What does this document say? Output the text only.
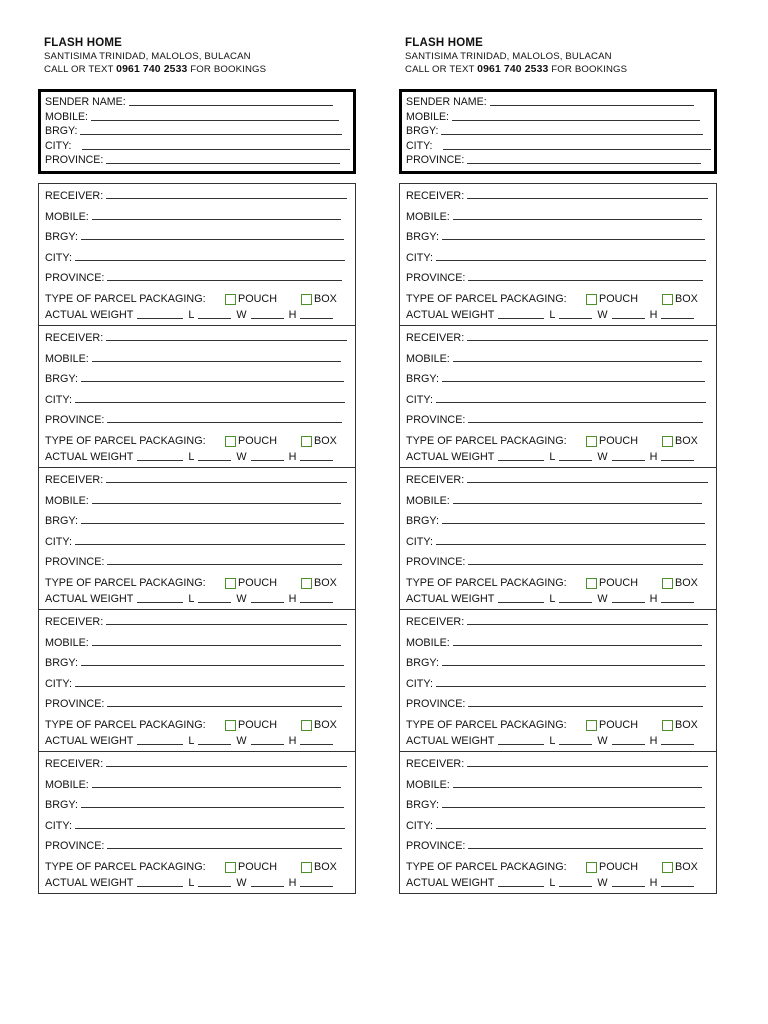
FLASH HOME
SANTISIMA TRINIDAD, MALOLOS, BULACAN
CALL OR TEXT 0961 740 2533 FOR BOOKINGS
SENDER NAME:
MOBILE:
BRGY:
CITY:
PROVINCE:
RECEIVER:
MOBILE:
BRGY:
CITY:
PROVINCE:
TYPE OF PARCEL PACKAGING:	POUCH	BOX
ACTUAL WEIGHT	L	W	H
RECEIVER:
MOBILE:
BRGY:
CITY:
PROVINCE:
TYPE OF PARCEL PACKAGING:	POUCH	BOX
ACTUAL WEIGHT	L	W	H
RECEIVER:
MOBILE:
BRGY:
CITY:
PROVINCE:
TYPE OF PARCEL PACKAGING:	POUCH	BOX
ACTUAL WEIGHT	L	W	H
RECEIVER:
MOBILE:
BRGY:
CITY:
PROVINCE:
TYPE OF PARCEL PACKAGING:	POUCH	BOX
ACTUAL WEIGHT	L	W	H
RECEIVER:
MOBILE:
BRGY:
CITY:
PROVINCE:
TYPE OF PARCEL PACKAGING:	POUCH	BOX
ACTUAL WEIGHT	L	W	H
FLASH HOME
SANTISIMA TRINIDAD, MALOLOS, BULACAN
CALL OR TEXT 0961 740 2533 FOR BOOKINGS
SENDER NAME:
MOBILE:
BRGY:
CITY:
PROVINCE:
RECEIVER:
MOBILE:
BRGY:
CITY:
PROVINCE:
TYPE OF PARCEL PACKAGING:	POUCH	BOX
ACTUAL WEIGHT	L	W	H
RECEIVER:
MOBILE:
BRGY:
CITY:
PROVINCE:
TYPE OF PARCEL PACKAGING:	POUCH	BOX
ACTUAL WEIGHT	L	W	H
RECEIVER:
MOBILE:
BRGY:
CITY:
PROVINCE:
TYPE OF PARCEL PACKAGING:	POUCH	BOX
ACTUAL WEIGHT	L	W	H
RECEIVER:
MOBILE:
BRGY:
CITY:
PROVINCE:
TYPE OF PARCEL PACKAGING:	POUCH	BOX
ACTUAL WEIGHT	L	W	H
RECEIVER:
MOBILE:
BRGY:
CITY:
PROVINCE:
TYPE OF PARCEL PACKAGING:	POUCH	BOX
ACTUAL WEIGHT	L	W	H
